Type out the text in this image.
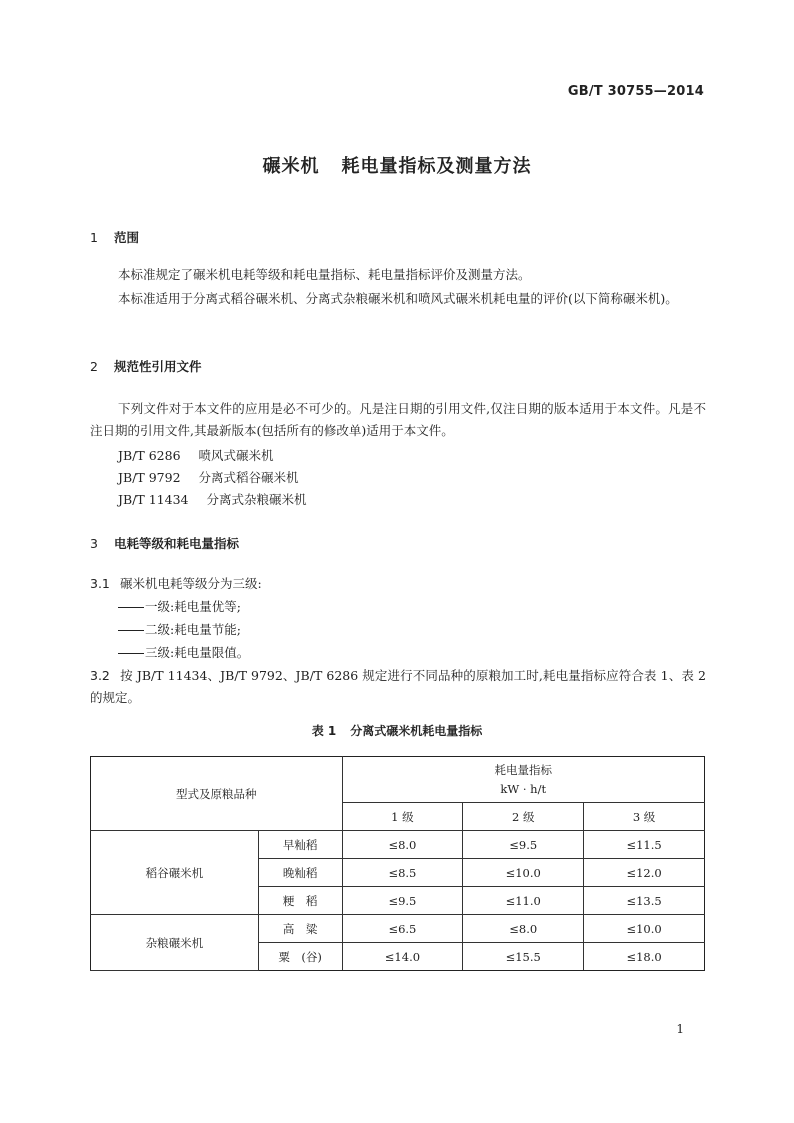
GB/T 30755—2014
碾米机 耗电量指标及测量方法
1 范围
本标准规定了碾米机电耗等级和耗电量指标、耗电量指标评价及测量方法。
本标准适用于分离式稻谷碾米机、分离式杂粮碾米机和喷风式碾米机耗电量的评价(以下简称碾米机)。
2 规范性引用文件
下列文件对于本文件的应用是必不可少的。凡是注日期的引用文件,仅注日期的版本适用于本文件。凡是不注日期的引用文件,其最新版本(包括所有的修改单)适用于本文件。
JB/T 6286 喷风式碾米机
JB/T 9792 分离式稻谷碾米机
JB/T 11434 分离式杂粮碾米机
3 电耗等级和耗电量指标
3.1 碾米机电耗等级分为三级:
一级:耗电量优等;
二级:耗电量节能;
三级:耗电量限值。
3.2 按 JB/T 11434、JB/T 9792、JB/T 6286 规定进行不同品种的原粮加工时,耗电量指标应符合表 1、表 2 的规定。
表 1 分离式碾米机耗电量指标
型式及原粮品种		耗电量指标
kW · h/t		

		1 级	2 级	3 级
稻谷碾米机	早籼稻	≤8.0	≤9.5	≤11.5
	晚籼稻	≤8.5	≤10.0	≤12.0
	粳　稻	≤9.5	≤11.0	≤13.5
杂粮碾米机	高　粱	≤6.5	≤8.0	≤10.0
	粟　(谷)	≤14.0	≤15.5	≤18.0
1
